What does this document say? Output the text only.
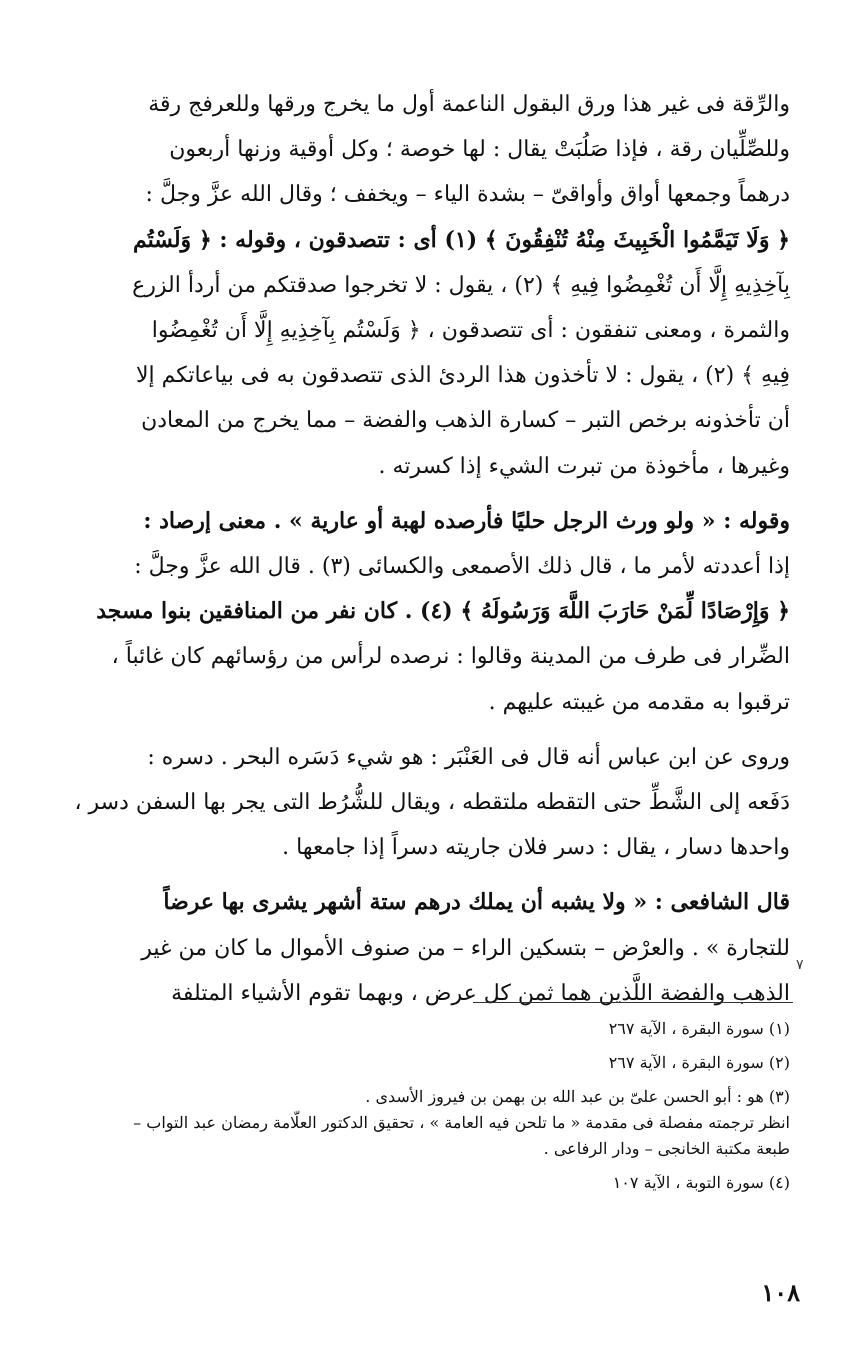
والرِّقة فى غير هذا ورق البقول الناعمة أول ما يخرج ورقها وللعرفج رقة
وللصِّلِّيان رقة ، فإذا صَلُبَتْ يقال : لها خوصة ؛ وكل أوقية وزنها أربعون
درهماً وجمعها أواق وأواقىّ – بشدة الياء – ويخفف ؛ وقال الله عزَّ وجلَّ :
﴿ وَلَا تَيَمَّمُوا الْخَبِيثَ مِنْهُ تُنْفِقُونَ ﴾ (١) أى : تتصدقون ، وقوله : ﴿ وَلَسْتُم
بِآخِذِيهِ إِلَّا أَن تُغْمِضُوا فِيهِ ﴾ (٢) ، يقول : لا تخرجوا صدقتكم من أردأ الزرع
والثمرة ، ومعنى تنفقون : أى تتصدقون ، ﴿ وَلَسْتُم بِآخِذِيهِ إِلَّا أَن تُغْمِضُوا
فِيهِ ﴾ (٢) ، يقول : لا تأخذون هذا الردئ الذى تتصدقون به فى بياعاتكم إلا
أن تأخذونه برخص التبر – كسارة الذهب والفضة – مما يخرج من المعادن
وغيرها ، مأخوذة من تبرت الشيء إذا كسرته .
وقوله : « ولو ورث الرجل حليًا فأرصده لهبة أو عارية » . معنى إرصاد :
إذا أعددته لأمر ما ، قال ذلك الأصمعى والكسائى (٣) . قال الله عزَّ وجلَّ :
﴿ وَإِرْصَادًا لِّمَنْ حَارَبَ اللَّهَ وَرَسُولَهُ ﴾ (٤) . كان نفر من المنافقين بنوا مسجد
الضِّرار فى طرف من المدينة وقالوا : نرصده لرأس من رؤسائهم كان غائباً ،
ترقبوا به مقدمه من غيبته عليهم .
وروى عن ابن عباس أنه قال فى العَنْبَر : هو شيء دَسَره البحر . دسره :
دَفَعه إلى الشَّطِّ حتى التقطه ملتقطه ، ويقال للشُّرُط التى يجر بها السفن دسر ،
واحدها دسار ، يقال : دسر فلان جاريته دسراً إذا جامعها .
قال الشافعى : « ولا يشبه أن يملك درهم ستة أشهر يشرى بها عرضاً
للتجارة » . والعرْض – بتسكين الراء – من صنوف الأموال ما كان من غير
الذهب والفضة اللَّذين هما ثمن كل عرض ، وبهما تقوم الأشياء المتلفة
٧
(١) سورة البقرة ، الآية ٢٦٧
(٢) سورة البقرة ، الآية ٢٦٧
(٣) هو : أبو الحسن علىّ بن عبد الله بن بهمن بن فيروز الأسدى .
انظر ترجمته مفصلة فى مقدمة « ما تلحن فيه العامة » ، تحقيق الدكتور العلّامة رمضان عبد التواب –
طبعة مكتبة الخانجى – ودار الرفاعى .
(٤) سورة التوبة ، الآية ١٠٧
١٠٨
